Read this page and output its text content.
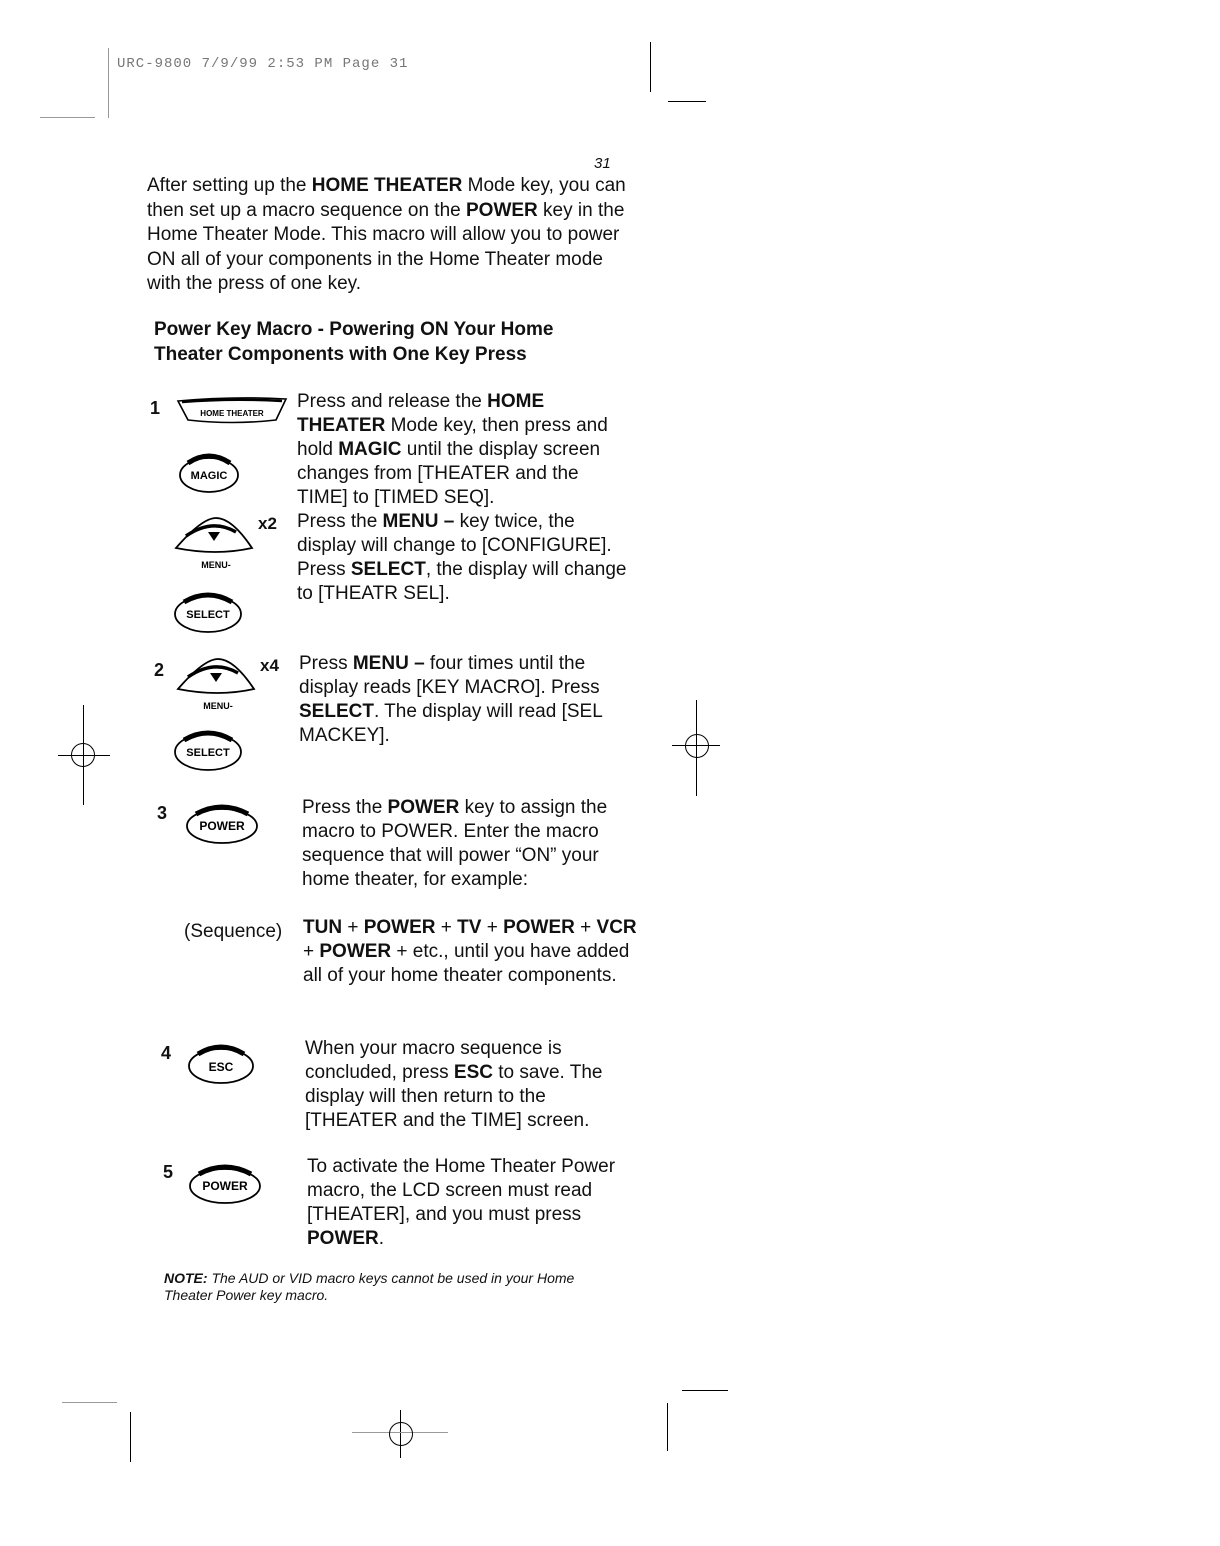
URC-9800 7/9/99 2:53 PM Page 31
31
After setting up the HOME THEATER Mode key, you can then set up a macro sequence on the POWER key in the Home Theater Mode. This macro will allow you to power ON all of your components in the Home Theater mode with the press of one key.
Power Key Macro - Powering ON Your Home Theater Components with One Key Press
1	HOME THEATER
MAGIC
MENU-
x2
SELECT
Press and release the HOME THEATER Mode key, then press and hold MAGIC until the display screen changes from [THEATER and the TIME] to [TIMED SEQ].
Press the MENU – key twice, the display will change to [CONFIGURE]. Press SELECT, the display will change to [THEATR SEL].
2
MENU-
x4
SELECT
Press MENU – four times until the display reads [KEY MACRO]. Press SELECT. The display will read [SEL MACKEY].
3
POWER
Press the POWER key to assign the macro to POWER. Enter the macro sequence that will power “ON” your home theater, for example:
(Sequence) TUN + POWER + TV + POWER + VCR + POWER + etc., until you have added all of your home theater components.
4
ESC
When your macro sequence is concluded, press ESC to save. The display will then return to the [THEATER and the TIME] screen.
5
POWER
To activate the Home Theater Power macro, the LCD screen must read [THEATER], and you must press POWER.
NOTE: The AUD or VID macro keys cannot be used in your Home Theater Power key macro.
